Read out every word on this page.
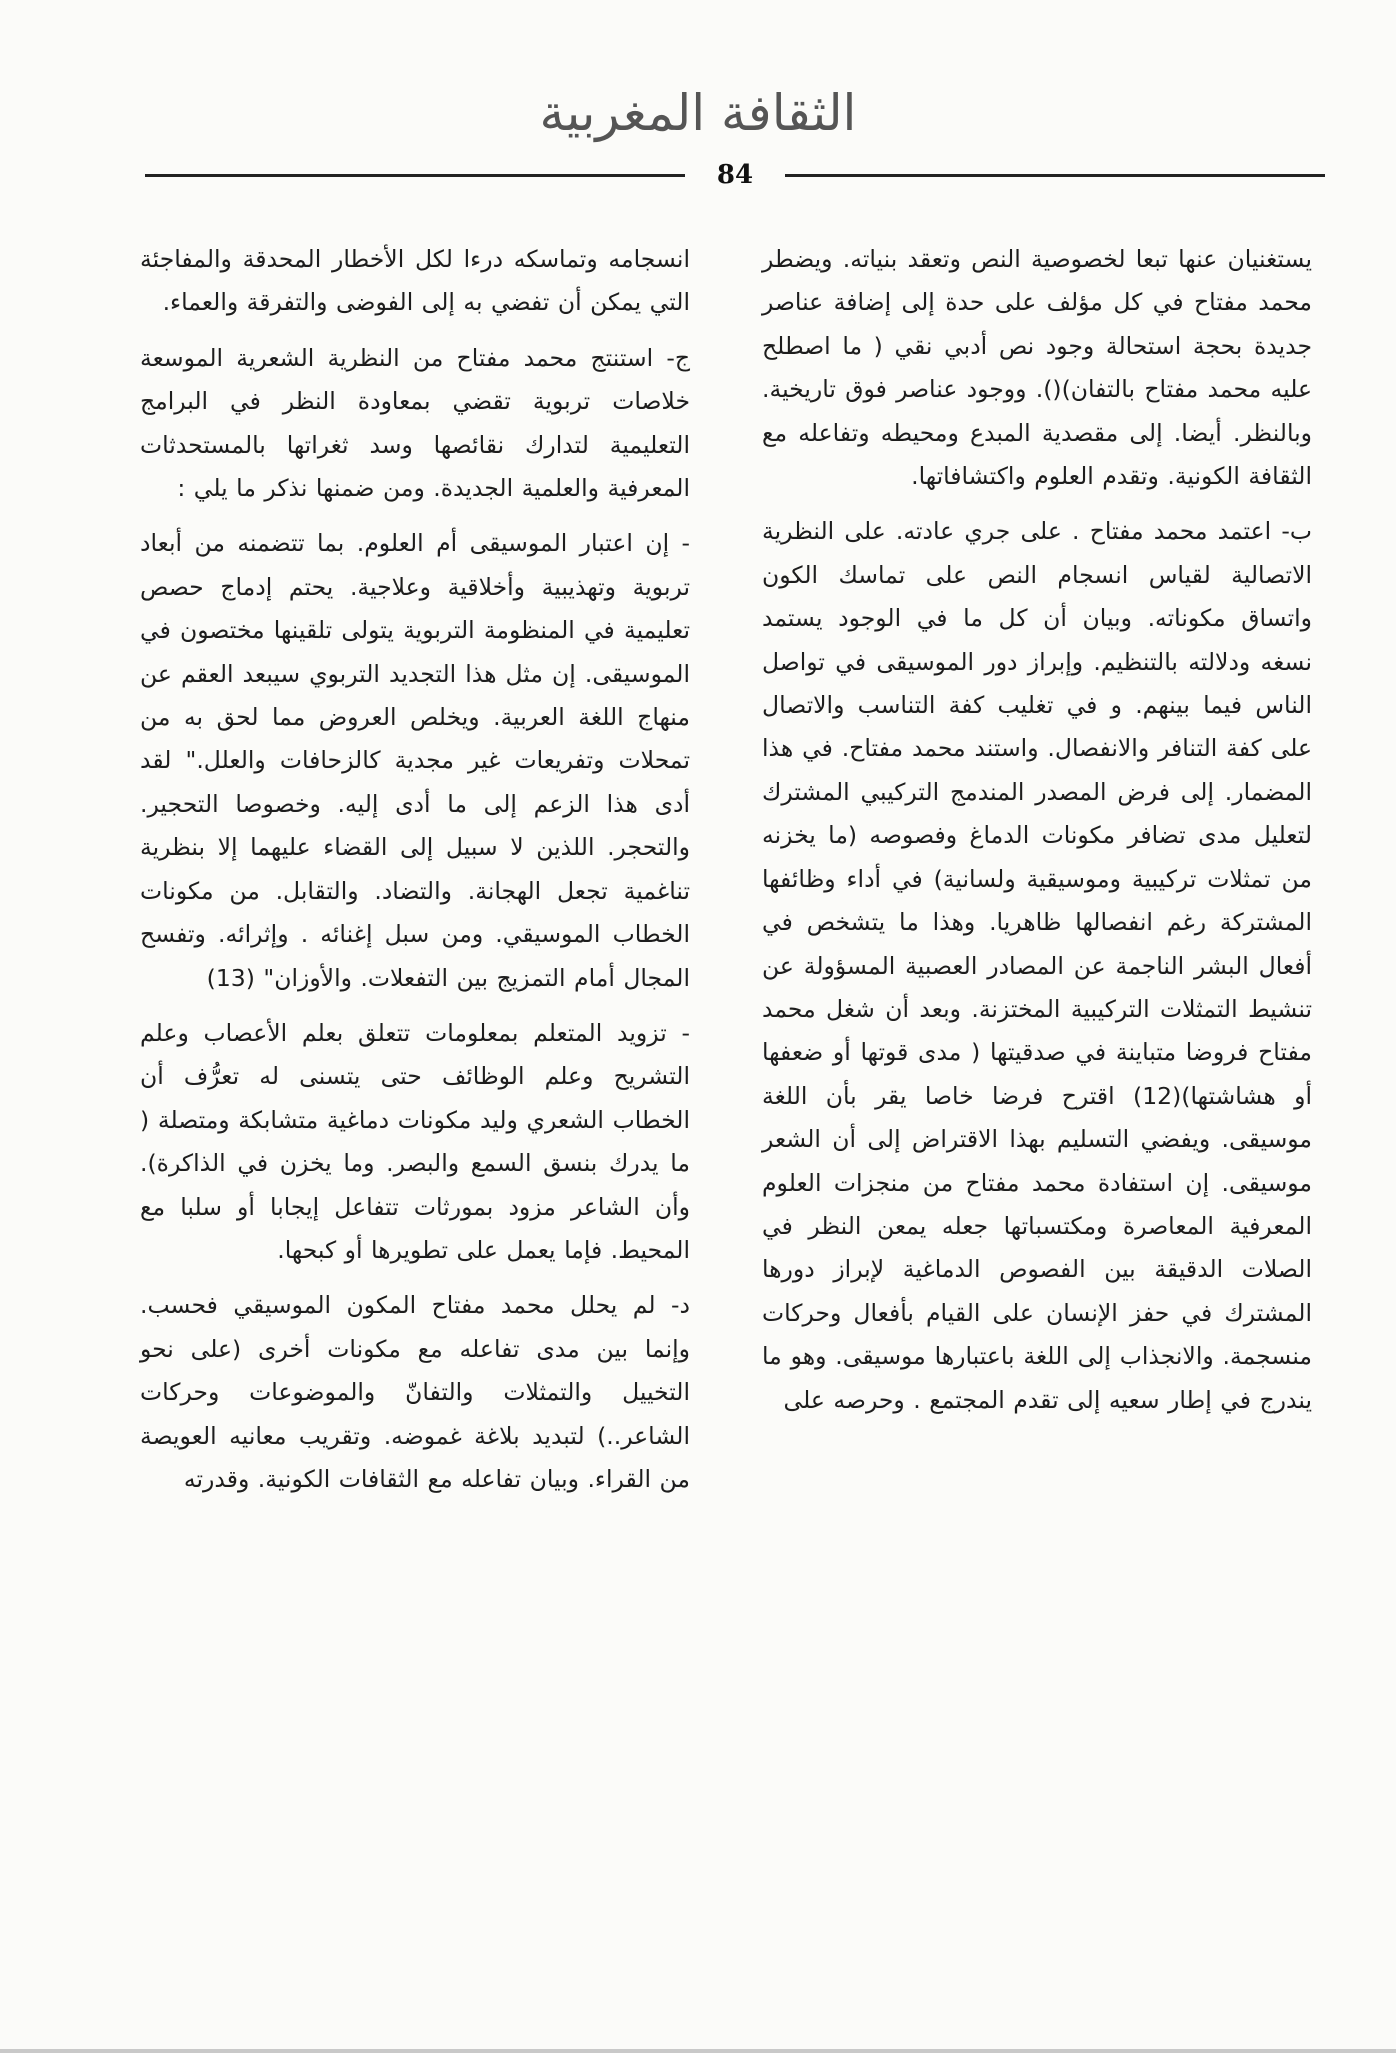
الثقافة المغربية
84

يستغنيان عنها تبعا لخصوصية النص وتعقد بنياته. ويضطر محمد مفتاح في كل مؤلف على حدة إلى إضافة عناصر جديدة بحجة استحالة وجود نص أدبي نقي ( ما اصطلح عليه محمد مفتاح بالتفان)(). ووجود عناصر فوق تاريخية. وبالنظر. أيضا. إلى مقصدية المبدع ومحيطه وتفاعله مع الثقافة الكونية. وتقدم العلوم واكتشافاتها.

ب- اعتمد محمد مفتاح . على جري عادته. على النظرية الاتصالية لقياس انسجام النص على تماسك الكون واتساق مكوناته. وبيان أن كل ما في الوجود يستمد نسغه ودلالته بالتنظيم. وإبراز دور الموسيقى في تواصل الناس فيما بينهم. و في تغليب كفة التناسب والاتصال على كفة التنافر والانفصال. واستند محمد مفتاح. في هذا المضمار. إلى فرض المصدر المندمج التركيبي المشترك لتعليل مدى تضافر مكونات الدماغ وفصوصه (ما يخزنه من تمثلات تركيبية وموسيقية ولسانية) في أداء وظائفها المشتركة رغم انفصالها ظاهريا. وهذا ما يتشخص في أفعال البشر الناجمة عن المصادر العصبية المسؤولة عن تنشيط التمثلات التركيبية المختزنة. وبعد أن شغل محمد مفتاح فروضا متباينة في صدقيتها ( مدى قوتها أو ضعفها أو هشاشتها)(12) اقترح فرضا خاصا يقر بأن اللغة موسيقى. ويفضي التسليم بهذا الاقتراض إلى أن الشعر موسيقى. إن استفادة محمد مفتاح من منجزات العلوم المعرفية المعاصرة ومكتسباتها جعله يمعن النظر في الصلات الدقيقة بين الفصوص الدماغية لإبراز دورها المشترك في حفز الإنسان على القيام بأفعال وحركات منسجمة. والانجذاب إلى اللغة باعتبارها موسيقى. وهو ما يندرج في إطار سعيه إلى تقدم المجتمع . وحرصه على

انسجامه وتماسكه درءا لكل الأخطار المحدقة والمفاجئة التي يمكن أن تفضي به إلى الفوضى والتفرقة والعماء.

ج- استنتج محمد مفتاح من النظرية الشعرية الموسعة خلاصات تربوية تقضي بمعاودة النظر في البرامج التعليمية لتدارك نقائصها وسد ثغراتها بالمستحدثات المعرفية والعلمية الجديدة. ومن ضمنها نذكر ما يلي :

- إن اعتبار الموسيقى أم العلوم. بما تتضمنه من أبعاد تربوية وتهذيبية وأخلاقية وعلاجية. يحتم إدماج حصص تعليمية في المنظومة التربوية يتولى تلقينها مختصون في الموسيقى. إن مثل هذا التجديد التربوي سيبعد العقم عن منهاج اللغة العربية. ويخلص العروض مما لحق به من تمحلات وتفريعات غير مجدية كالزحافات والعلل." لقد أدى هذا الزعم إلى ما أدى إليه. وخصوصا التحجير. والتحجر. اللذين لا سبيل إلى القضاء عليهما إلا بنظرية تناغمية تجعل الهجانة. والتضاد. والتقابل. من مكونات الخطاب الموسيقي. ومن سبل إغنائه . وإثرائه. وتفسح المجال أمام التمزيج بين التفعلات. والأوزان" (13)

- تزويد المتعلم بمعلومات تتعلق بعلم الأعصاب وعلم التشريح وعلم الوظائف حتى يتسنى له تعرُّف أن الخطاب الشعري وليد مكونات دماغية متشابكة ومتصلة ( ما يدرك بنسق السمع والبصر. وما يخزن في الذاكرة). وأن الشاعر مزود بمورثات تتفاعل إيجابا أو سلبا مع المحيط. فإما يعمل على تطويرها أو كبحها.

د- لم يحلل محمد مفتاح المكون الموسيقي فحسب. وإنما بين مدى تفاعله مع مكونات أخرى (على نحو التخييل والتمثلات والتفانّ والموضوعات وحركات الشاعر..) لتبديد بلاغة غموضه. وتقريب معانيه العويصة من القراء. وبيان تفاعله مع الثقافات الكونية. وقدرته
